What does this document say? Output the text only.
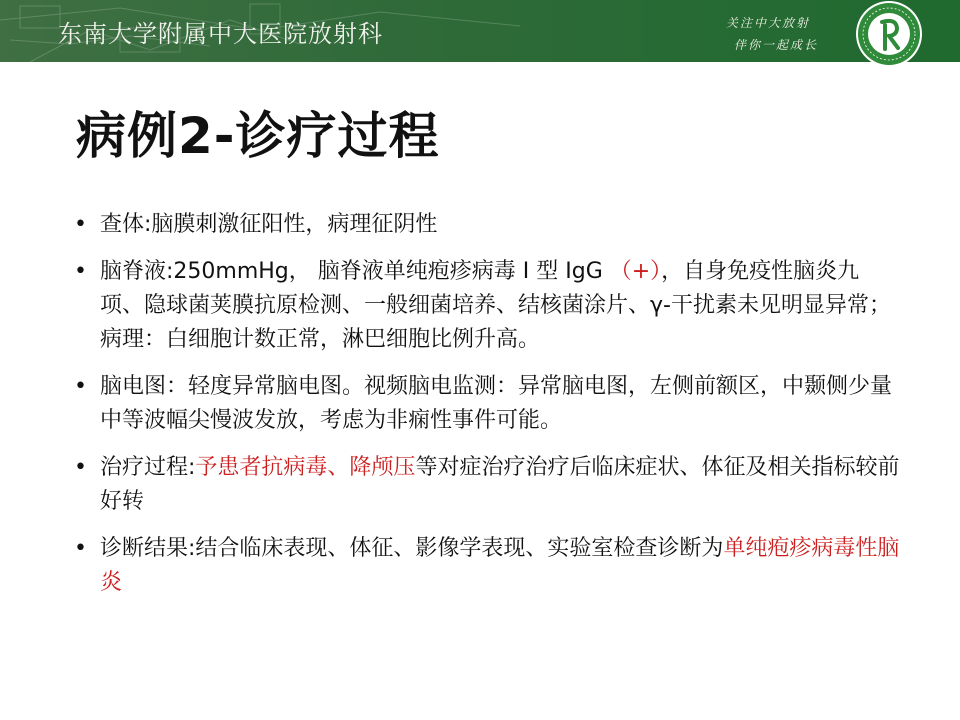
东南大学附属中大医院放射科	关注中大放射
伴你一起成长
病例2-诊疗过程
• 查体:脑膜刺激征阳性，病理征阴性
• 脑脊液:250mmHg， 脑脊液单纯疱疹病毒 I 型 IgG （+），自身免疫性脑炎九项、隐球菌荚膜抗原检测、一般细菌培养、结核菌涂片、γ-干扰素未见明显异常；病理：白细胞计数正常，淋巴细胞比例升高。
• 脑电图：轻度异常脑电图。视频脑电监测：异常脑电图，左侧前额区，中颞侧少量中等波幅尖慢波发放，考虑为非痫性事件可能。
• 治疗过程:予患者抗病毒、降颅压等对症治疗治疗后临床症状、体征及相关指标较前好转
• 诊断结果:结合临床表现、体征、影像学表现、实验室检查诊断为单纯疱疹病毒性脑炎
